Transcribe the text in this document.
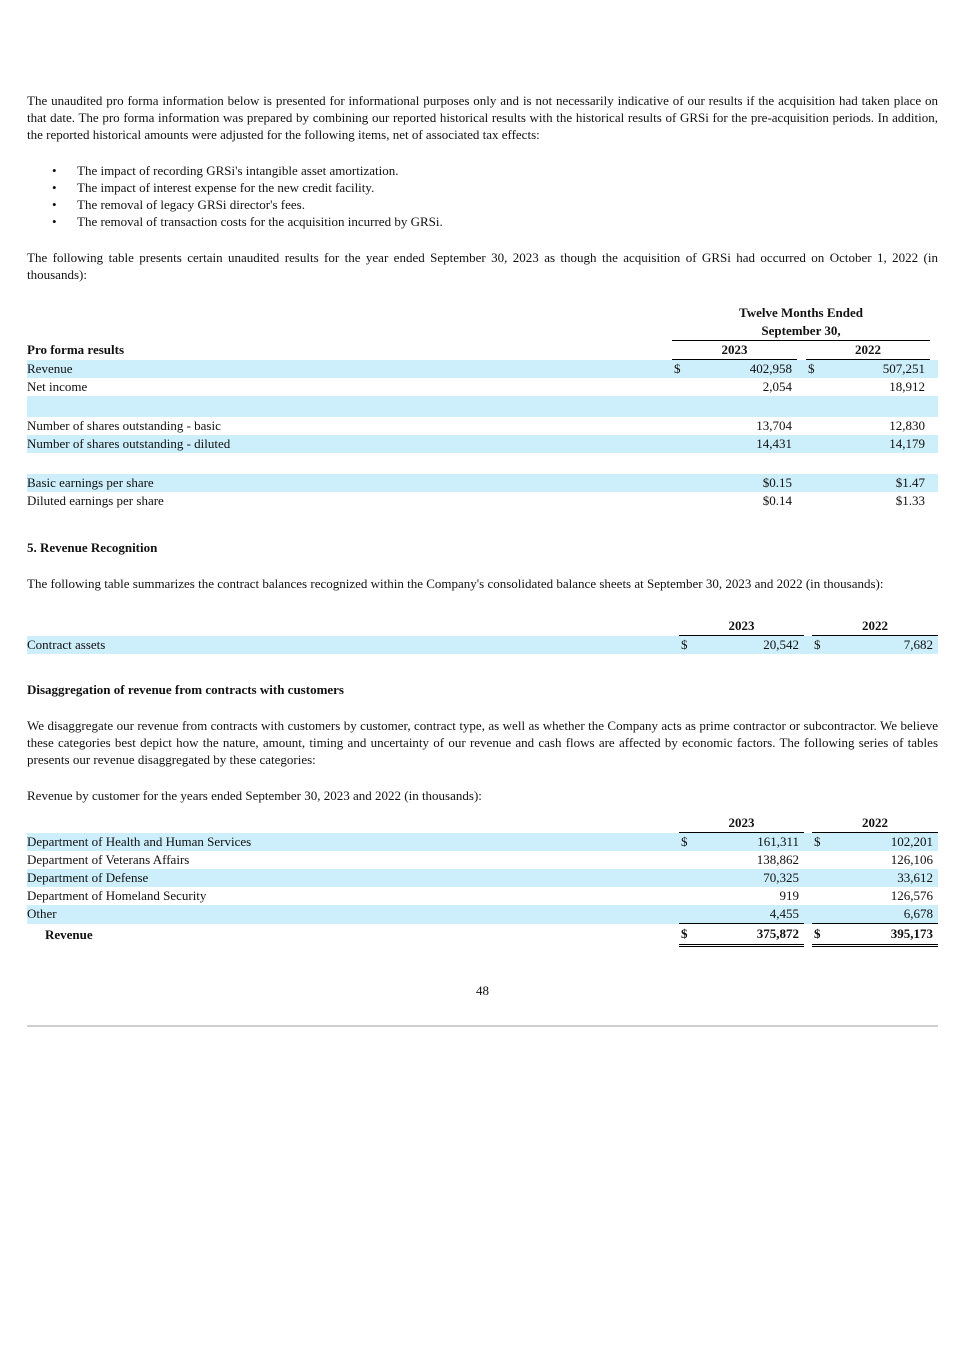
The unaudited pro forma information below is presented for informational purposes only and is not necessarily indicative of our results if the acquisition had taken place on that date. The pro forma information was prepared by combining our reported historical results with the historical results of GRSi for the pre-acquisition periods. In addition, the reported historical amounts were adjusted for the following items, net of associated tax effects:

• The impact of recording GRSi's intangible asset amortization.
• The impact of interest expense for the new credit facility.
• The removal of legacy GRSi director's fees.
• The removal of transaction costs for the acquisition incurred by GRSi.

The following table presents certain unaudited results for the year ended September 30, 2023 as though the acquisition of GRSi had occurred on October 1, 2022 (in thousands):

	Twelve Months Ended					
	September 30,					
Pro forma results	2023			2022		
Revenue	$	402,958		$	507,251	
Net income		2,054			18,912	

Number of shares outstanding - basic		13,704			12,830	
Number of shares outstanding - diluted		14,431			14,179	

Basic earnings per share		$0.15			$1.47	
Diluted earnings per share		$0.14			$1.33	

5. Revenue Recognition

The following table summarizes the contract balances recognized within the Company's consolidated balance sheets at September 30, 2023 and 2022 (in thousands):

	2023			2022	
Contract assets	$	20,542		$	7,682

Disaggregation of revenue from contracts with customers

We disaggregate our revenue from contracts with customers by customer, contract type, as well as whether the Company acts as prime contractor or subcontractor. We believe these categories best depict how the nature, amount, timing and uncertainty of our revenue and cash flows are affected by economic factors. The following series of tables presents our revenue disaggregated by these categories:

Revenue by customer for the years ended September 30, 2023 and 2022 (in thousands):

	2023			2022	
Department of Health and Human Services	$	161,311		$	102,201
Department of Veterans Affairs		138,862			126,106
Department of Defense		70,325			33,612
Department of Homeland Security		919			126,576
Other		4,455			6,678
Revenue	$	375,872		$	395,173
48
